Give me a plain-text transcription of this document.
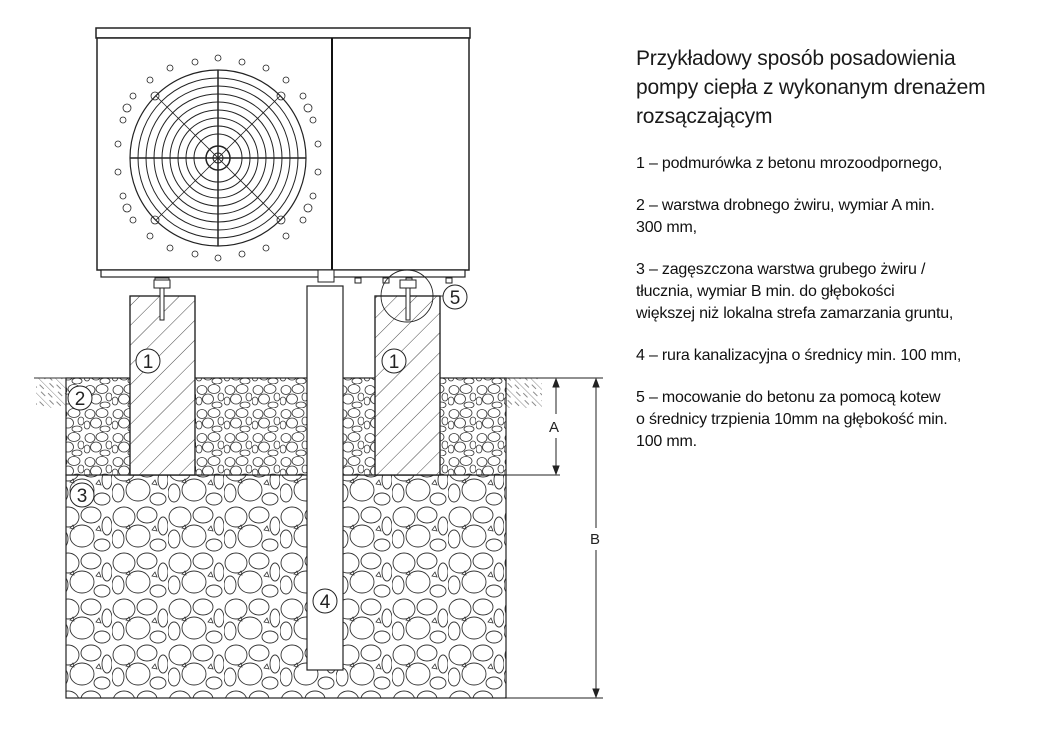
A
B
1	1
2
3
4
5
Przykładowy sposób posadowienia
pompy ciepła z wykonanym drenażem
rozsączającym
1 – podmurówka z betonu mrozoodpornego,
2 – warstwa drobnego żwiru, wymiar A min.
300 mm,
3 – zagęszczona warstwa grubego żwiru /
tłucznia, wymiar B min. do głębokości
większej niż lokalna strefa zamarzania gruntu,
4 – rura kanalizacyjna o średnicy min. 100 mm,
5 – mocowanie do betonu za pomocą kotew
o średnicy trzpienia 10mm na głębokość min.
100 mm.
